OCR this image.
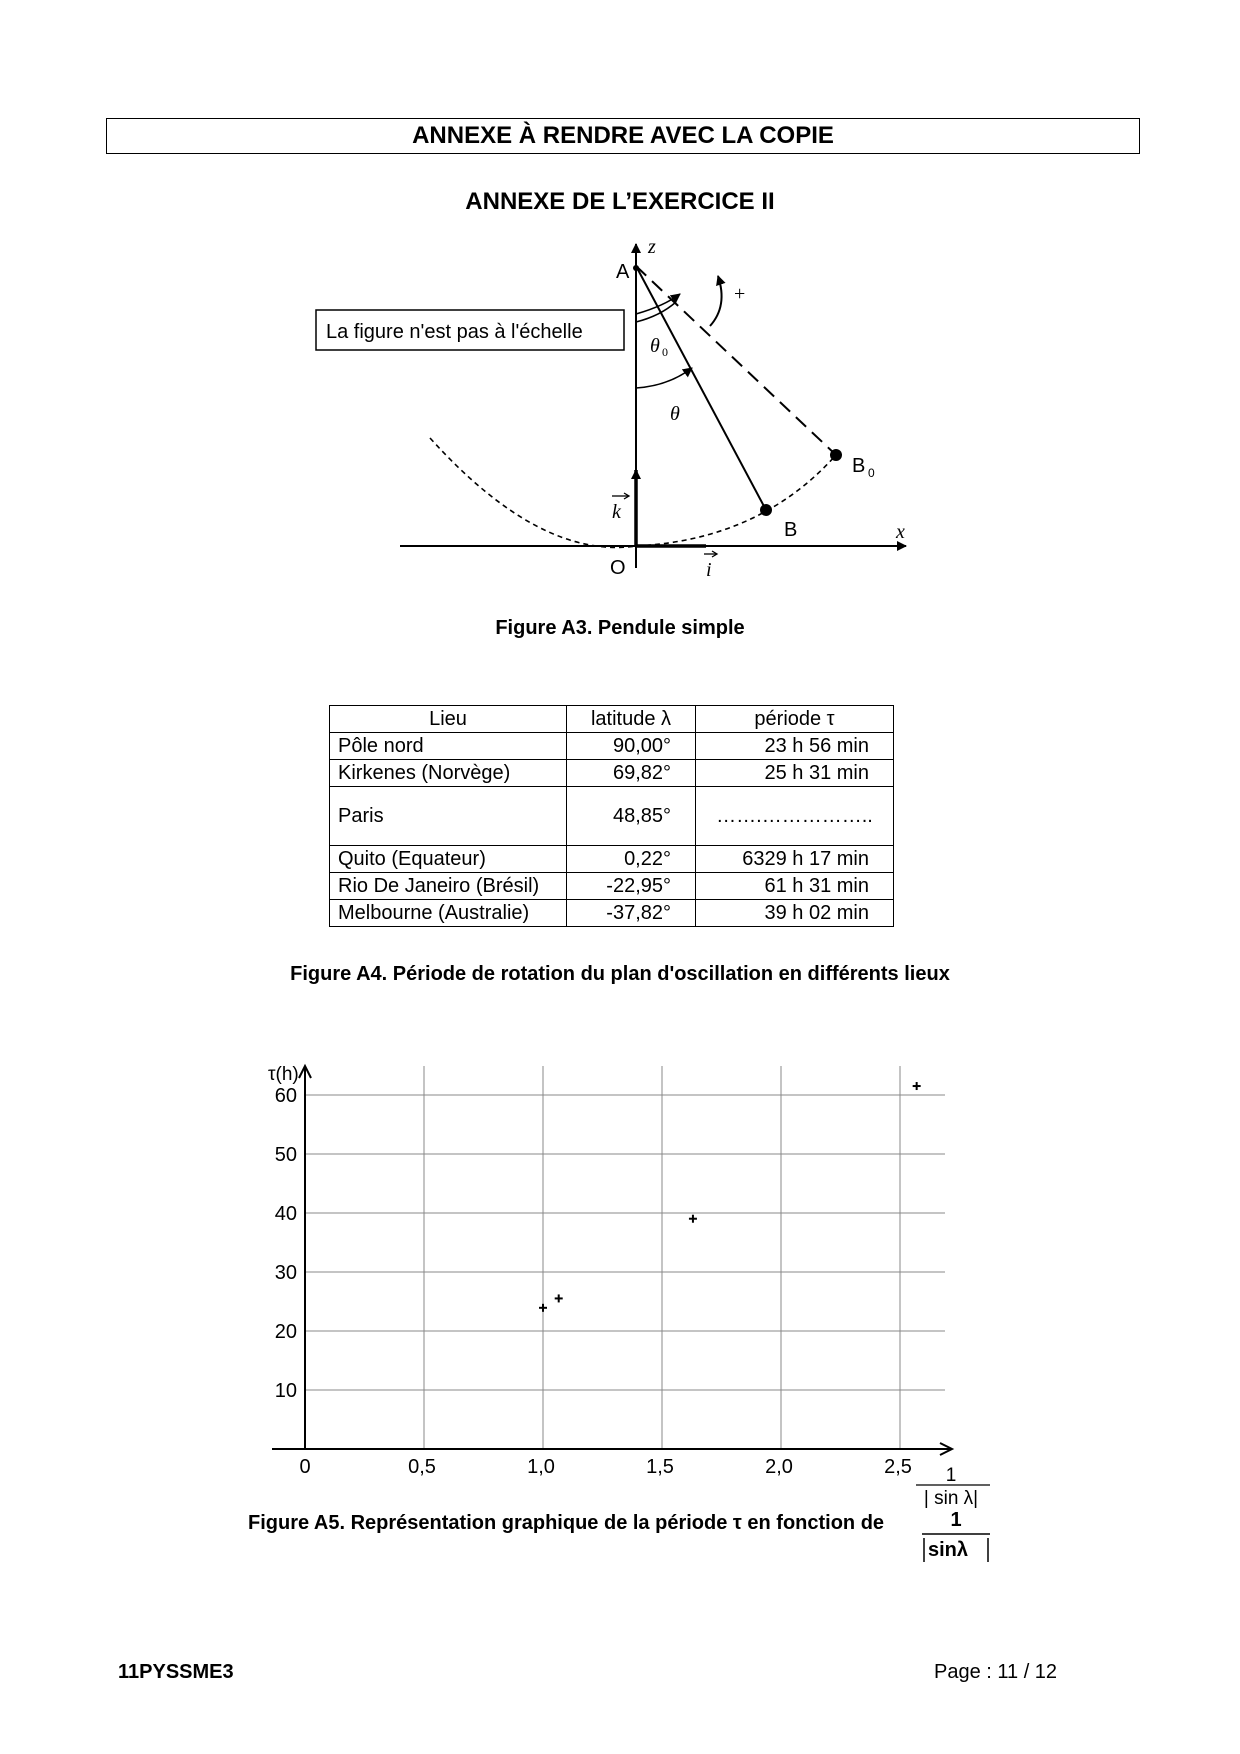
ANNEXE À RENDRE AVEC LA COPIE
ANNEXE DE L’EXERCICE II
La figure n'est pas à l'échelle
z
A
+
θ 0
θ
B 0
k
B	x
O	i
Figure A3. Pendule simple
Lieu	latitude λ	période τ
Pôle nord	90,00°	23 h 56 min
Kirkenes (Norvège)	69,82°	25 h 31 min
Paris	48,85°	…….……………..
Quito (Equateur)	0,22°	6329 h 17 min
Rio De Janeiro (Brésil)	-22,95°	61 h 31 min
Melbourne (Australie)	-37,82°	39 h 02 min
Figure A4. Période de rotation du plan d'oscillation en différents lieux
10
20
30
40
50
60
0	0,5	1,0	1,5	2,0	2,5
τ(h)
1
| sin λ|
Figure A5. Représentation graphique de la période τ en fonction de	1
sinλ
11PYSSME3	Page : 11 / 12
